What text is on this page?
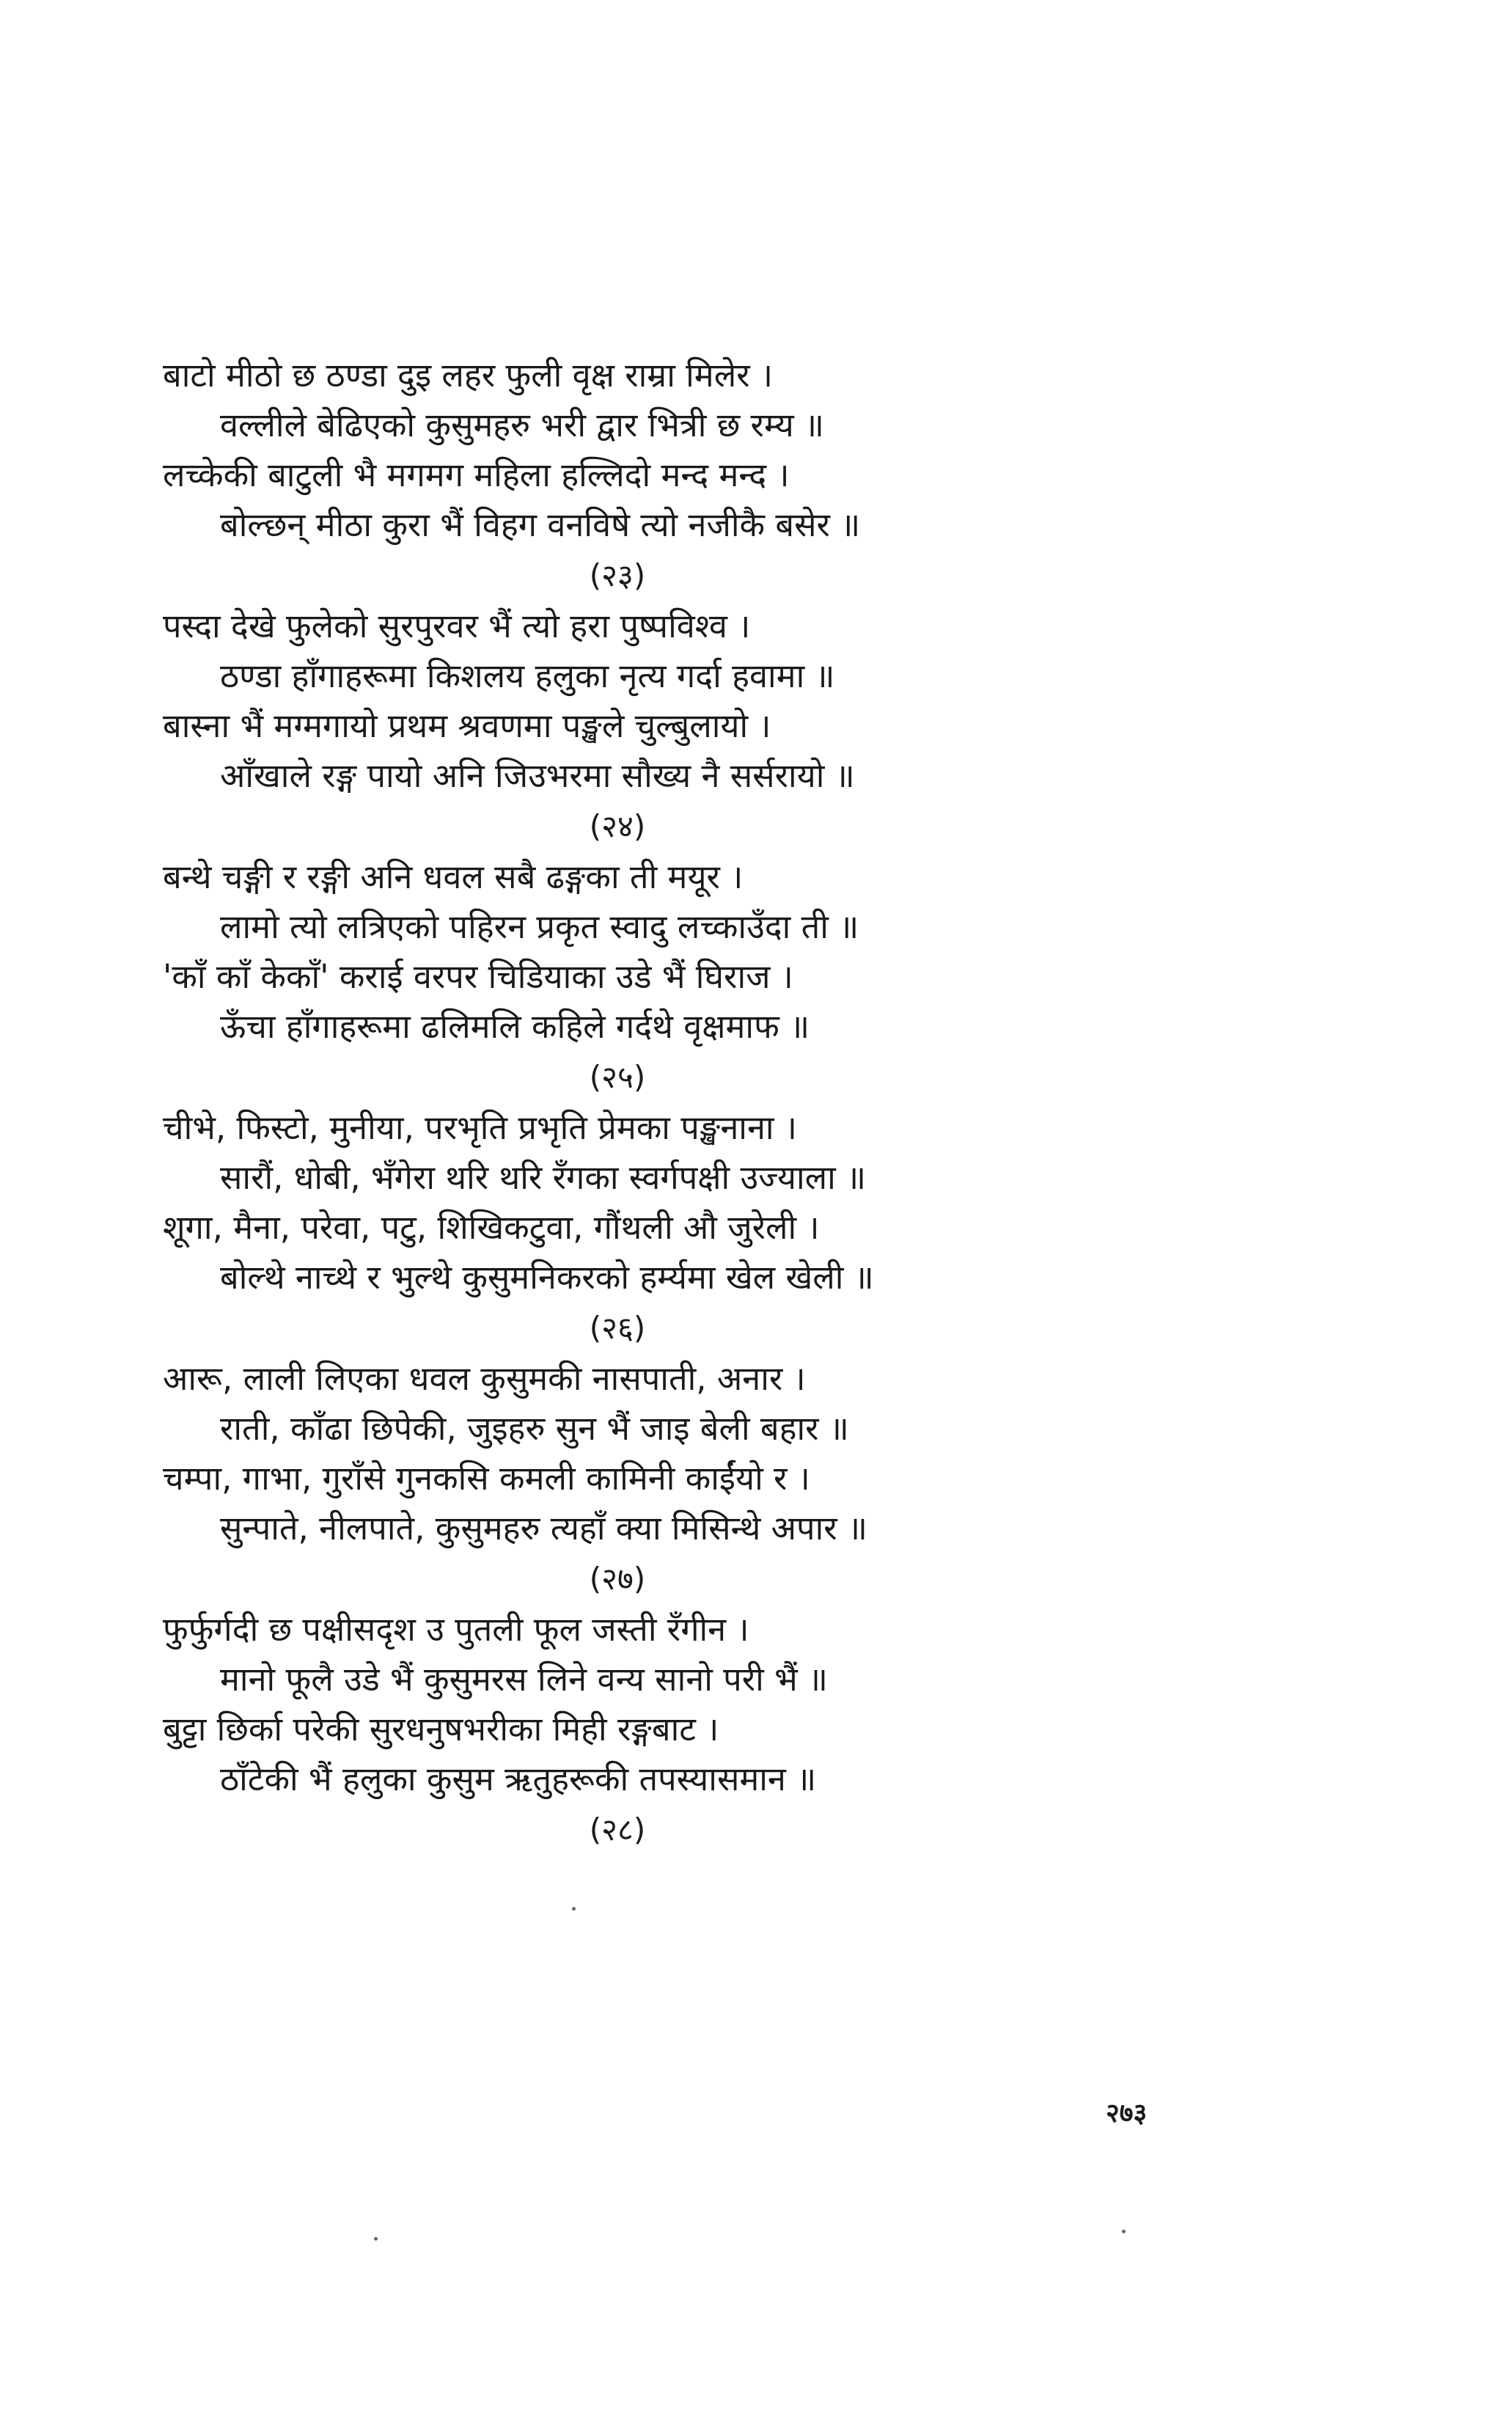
बाटो मीठो छ ठण्डा दुइ लहर फुली वृक्ष राम्रा मिलेर ।
वल्लीले बेढिएको कुसुमहरु भरी द्वार भित्री छ रम्य ॥
लच्केकी बाटुली भै मगमग महिला हल्लिदो मन्द मन्द ।
बोल्छन् मीठा कुरा भैं विहग वनविषे त्यो नजीकै बसेर ॥
(२३)
पस्दा देखे फुलेको सुरपुरवर भैं त्यो हरा पुष्पविश्व ।
ठण्डा हाँगाहरूमा किशलय हलुका नृत्य गर्दा हवामा ॥
बास्ना भैं मग्मगायो प्रथम श्रवणमा पङ्खले चुल्बुलायो ।
आँखाले रङ्ग पायो अनि जिउभरमा सौख्य नै सर्सरायो ॥
(२४)
बन्थे चङ्गी र रङ्गी अनि धवल सबै ढङ्गका ती मयूर ।
लामो त्यो लत्रिएको पहिरन प्रकृत स्वादु लच्काउँदा ती ॥
'काँ काँ केकाँ' कराई वरपर चिडियाका उडे भैं घिराज ।
ऊँचा हाँगाहरूमा ढलिमलि कहिले गर्दथे वृक्षमाफ ॥
(२५)
चीभे, फिस्टो, मुनीया, परभृति प्रभृति प्रेमका पङ्खनाना ।
सारौं, धोबी, भँगेरा थरि थरि रँगका स्वर्गपक्षी उज्याला ॥
शूगा, मैना, परेवा, पटु, शिखिकटुवा, गौंथली औ जुरेली ।
बोल्थे नाच्थे र भुल्थे कुसुमनिकरको हर्म्यमा खेल खेली ॥
(२६)
आरू, लाली लिएका धवल कुसुमकी नासपाती, अनार ।
राती, काँढा छिपेकी, जुइहरु सुन भैं जाइ बेली बहार ॥
चम्पा, गाभा, गुराँसे गुनकसि कमली कामिनी काईंयो र ।
सुन्पाते, नीलपाते, कुसुमहरु त्यहाँ क्या मिसिन्थे अपार ॥
(२७)
फुर्फुर्गदी छ पक्षीसदृश उ पुतली फूल जस्ती रँगीन ।
मानो फूलै उडे भैं कुसुमरस लिने वन्य सानो परी भैं ॥
बुट्टा छिर्का परेकी सुरधनुषभरीका मिही रङ्गबाट ।
ठाँटेकी भैं हलुका कुसुम ऋतुहरूकी तपस्यासमान ॥
(२८)
२७३
